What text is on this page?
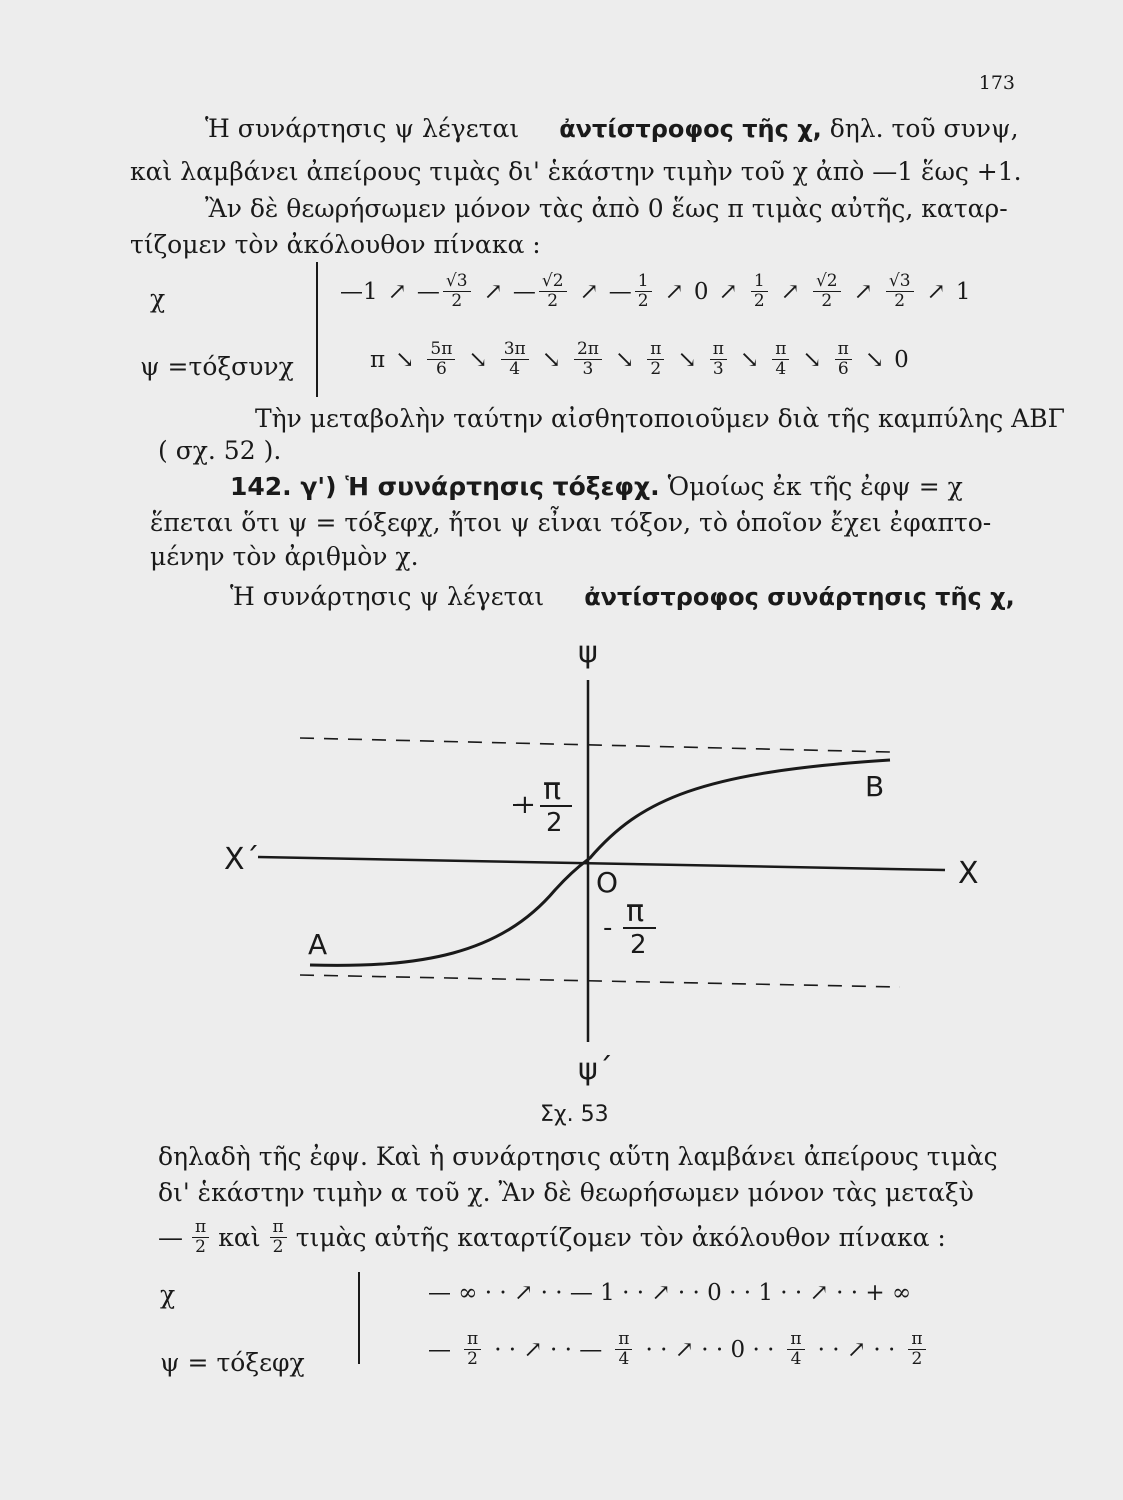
173
Ἡ συνάρτησις ψ λέγεται ἀντίστροφος τῆς χ, δηλ. τοῦ συνψ,
καὶ λαμβάνει ἀπείρους τιμὰς δι' ἑκάστην τιμὴν τοῦ χ ἀπὸ —1 ἕως +1.
Ἂν δὲ θεωρήσωμεν μόνον τὰς ἀπὸ 0 ἕως π τιμὰς αὐτῆς, καταρ-
τίζομεν τὸν ἀκόλουθον πίνακα :
χ
ψ =τόξσυνχ
—1 ↗ — $\frac{√3}{2}$ ↗ — $\frac{√2}{2}$ ↗ — $\frac{1}{2}$ ↗ 0 ↗ $\frac{1}{2}$ ↗ $\frac{√2}{2}$ ↗ $\frac{√3}{2}$ ↗ 1
π ↘ $\frac{5\pi}{6}$ ↘ $\frac{3\pi}{4}$ ↘ $\frac{2\pi}{3}$ ↘ $\frac{\pi}{2}$ ↘ $\frac{\pi}{3}$ ↘ $\frac{\pi}{4}$ ↘ $\frac{\pi}{6}$ ↘ 0
Τὴν μεταβολὴν ταύτην αἰσθητοποιοῦμεν διὰ τῆς καμπύλης ΑΒΓ
( σχ. 52 ).
142. γ') Ἡ συνάρτησις τόξεφχ. Ὁμοίως ἐκ τῆς ἐφψ = χ
ἕπεται ὅτι ψ = τόξεφχ, ἤτοι ψ εἶναι τόξον, τὸ ὁποῖον ἔχει ἐφαπτο-
μένην τὸν ἀριθμὸν χ.
Ἡ συνάρτησις ψ λέγεται ἀντίστροφος συνάρτησις τῆς χ,
ψ
ψ´
X´	X
O
A
B
+ π
2
- π
2
Σχ. 53
δηλαδὴ τῆς ἐφψ. Καὶ ἡ συνάρτησις αὕτη λαμβάνει ἀπείρους τιμὰς
δι' ἑκάστην τιμὴν α τοῦ χ. Ἂν δὲ θεωρήσωμεν μόνον τὰς μεταξὺ
— $\frac{\pi}{2}$ καὶ $\frac{\pi}{2}$ τιμὰς αὐτῆς καταρτίζομεν τὸν ἀκόλουθον πίνακα :
χ
ψ = τόξεφχ
— ∞ · · ↗ · · — 1 · · ↗ · · 0 · · 1 · · ↗ · · + ∞
— $\frac{\pi}{2}$ · · ↗ · · — $\frac{\pi}{4}$ · · ↗ · · 0 · · $\frac{\pi}{4}$ · · ↗ · · $\frac{\pi}{2}$
